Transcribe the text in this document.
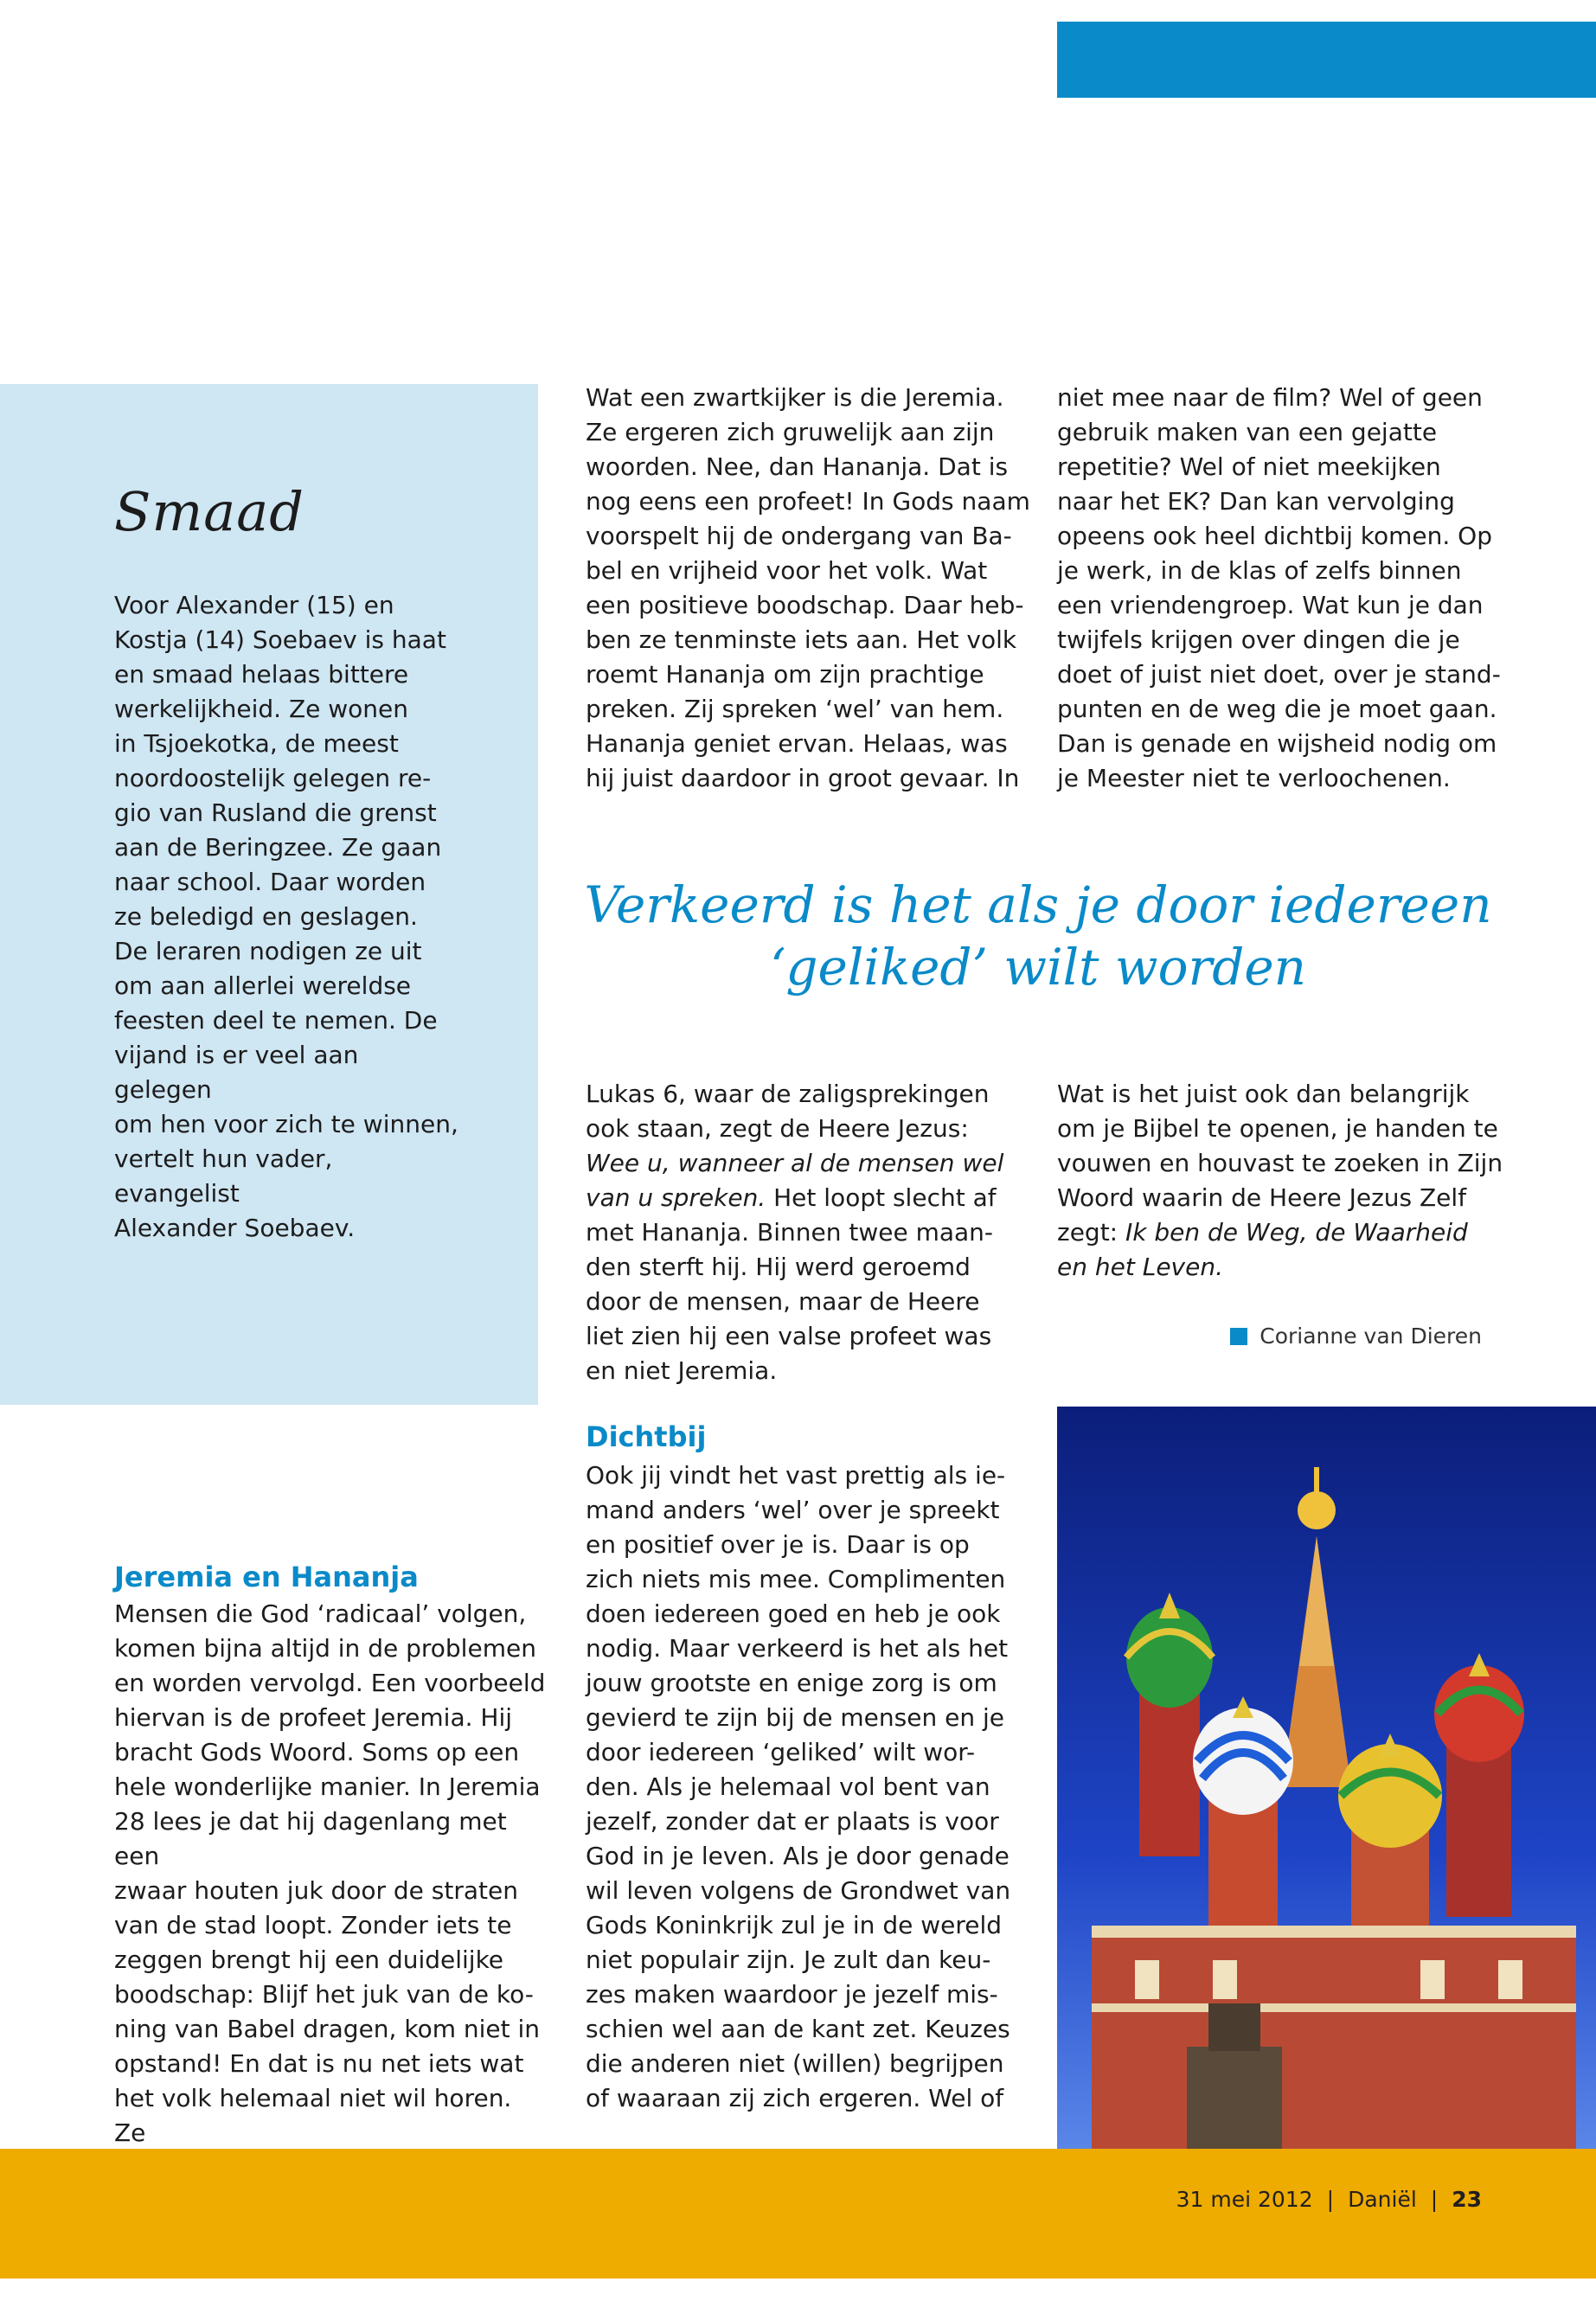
Smaad

Voor Alexander (15) en
Kostja (14) Soebaev is haat
en smaad helaas bittere
werkelijkheid. Ze wonen
in Tsjoekotka, de meest
noordoostelijk gelegen re-
gio van Rusland die grenst
aan de Beringzee. Ze gaan
naar school. Daar worden
ze beledigd en geslagen.
De leraren nodigen ze uit
om aan allerlei wereldse
feesten deel te nemen. De
vijand is er veel aan gelegen
om hen voor zich te winnen,
vertelt hun vader, evangelist
Alexander Soebaev.

Wat een zwartkijker is die Jeremia.
Ze ergeren zich gruwelijk aan zijn
woorden. Nee, dan Hananja. Dat is
nog eens een profeet! In Gods naam
voorspelt hij de ondergang van Ba-
bel en vrijheid voor het volk. Wat
een positieve boodschap. Daar heb-
ben ze tenminste iets aan. Het volk
roemt Hananja om zijn prachtige
preken. Zij spreken ‘wel’ van hem.
Hananja geniet ervan. Helaas, was
hij juist daardoor in groot gevaar. In

niet mee naar de film? Wel of geen
gebruik maken van een gejatte
repetitie? Wel of niet meekijken
naar het EK? Dan kan vervolging
opeens ook heel dichtbij komen. Op
je werk, in de klas of zelfs binnen
een vriendengroep. Wat kun je dan
twijfels krijgen over dingen die je
doet of juist niet doet, over je stand-
punten en de weg die je moet gaan.
Dan is genade en wijsheid nodig om
je Meester niet te verloochenen.

Verkeerd is het als je door iedereen ‘geliked’ wilt worden

Lukas 6, waar de zaligsprekingen
ook staan, zegt de Heere Jezus:
Wee u, wanneer al de mensen wel
van u spreken. Het loopt slecht af
met Hananja. Binnen twee maan-
den sterft hij. Hij werd geroemd
door de mensen, maar de Heere
liet zien hij een valse profeet was
en niet Jeremia.

Wat is het juist ook dan belangrijk
om je Bijbel te openen, je handen te
vouwen en houvast te zoeken in Zijn
Woord waarin de Heere Jezus Zelf
zegt: Ik ben de Weg, de Waarheid
en het Leven.

Corianne van Dieren
Dichtbij

Ook jij vindt het vast prettig als ie-
mand anders ‘wel’ over je spreekt
en positief over je is. Daar is op
zich niets mis mee. Complimenten
doen iedereen goed en heb je ook
nodig. Maar verkeerd is het als het
jouw grootste en enige zorg is om
gevierd te zijn bij de mensen en je
door iedereen ‘geliked’ wilt wor-
den. Als je helemaal vol bent van
jezelf, zonder dat er plaats is voor
God in je leven. Als je door genade
wil leven volgens de Grondwet van
Gods Koninkrijk zul je in de wereld
niet populair zijn. Je zult dan keu-
zes maken waardoor je jezelf mis-
schien wel aan de kant zet. Keuzes
die anderen niet (willen) begrijpen
of waaraan zij zich ergeren. Wel of

Jeremia en Hananja

Mensen die God ‘radicaal’ volgen,
komen bijna altijd in de problemen
en worden vervolgd. Een voorbeeld
hiervan is de profeet Jeremia. Hij
bracht Gods Woord. Soms op een
hele wonderlijke manier. In Jeremia
28 lees je dat hij dagenlang met een
zwaar houten juk door de straten
van de stad loopt. Zonder iets te
zeggen brengt hij een duidelijke
boodschap: Blijf het juk van de ko-
ning van Babel dragen, kom niet in
opstand! En dat is nu net iets wat
het volk helemaal niet wil horen. Ze

31 mei 2012 | Daniël | 23
